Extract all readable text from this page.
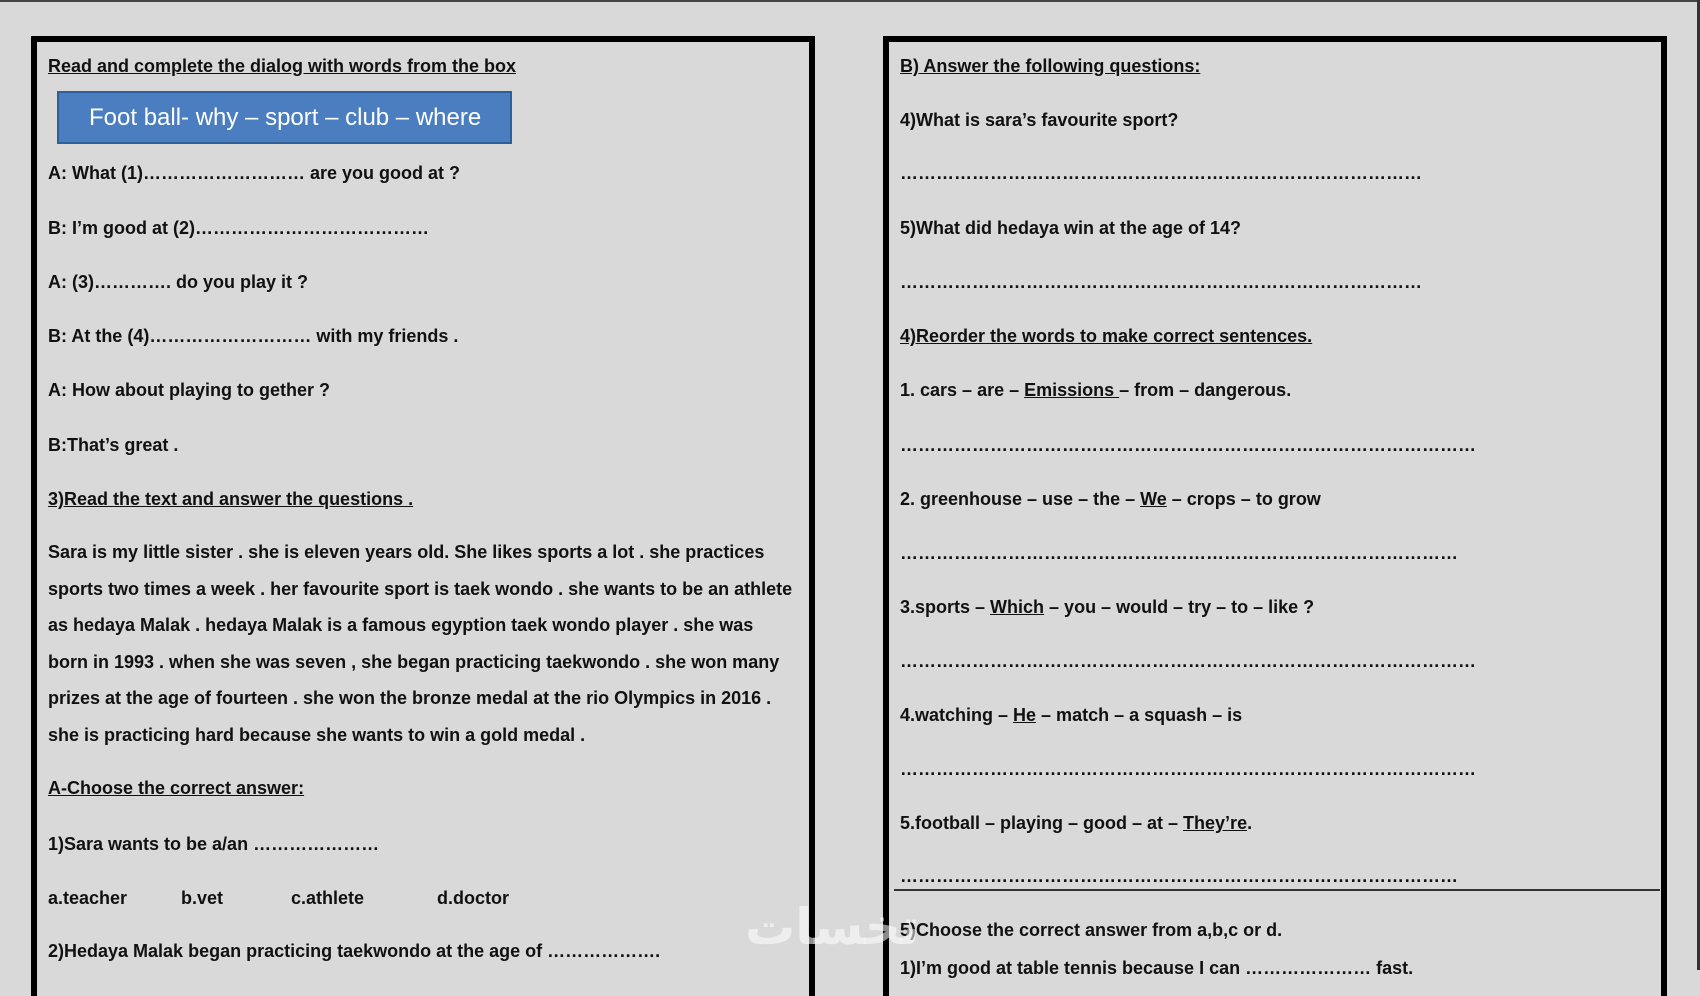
Read and complete the dialog with words from the box
Foot ball- why – sport – club – where
A: What (1)……………………… are you good at ?
B: I’m good at (2)…………………………………
A: (3)…………. do you play it ?
B: At the (4)……………………… with my friends .
A: How about playing to gether ?
B:That’s great .
3)Read the text and answer the questions .
Sara is my little sister . she is eleven years old. She likes sports a lot . she practices sports two times a week . her favourite sport is taek wondo . she wants to be an athlete as hedaya Malak . hedaya Malak is a famous egyption taek wondo player . she was born in 1993 . when she was seven , she began practicing taekwondo . she won many prizes at the age of fourteen . she won the bronze medal at the rio Olympics in 2016 . she is practicing hard because she wants to win a gold medal .
A-Choose the correct answer:
1)Sara wants to be a/an …………………
a.teacher	b.vet	c.athlete	d.doctor
2)Hedaya Malak began practicing taekwondo at the age of ……………….
B) Answer the following questions:
4)What is sara’s favourite sport?
……………………………………………………………………………
5)What did hedaya win at the age of 14?
……………………………………………………………………………
4)Reorder the words to make correct sentences.
1. cars – are – Emissions – from – dangerous.
……………………………………………………………………………………
2. greenhouse – use – the – We – crops – to grow
…………………………………………………………………………………
3.sports – Which – you – would – try – to – like ?
……………………………………………………………………………………
4.watching – He – match – a squash – is
……………………………………………………………………………………
5.football – playing – good – at – They’re.
…………………………………………………………………………………
5)Choose the correct answer from a,b,c or d.
1)I’m good at table tennis because I can ………………… fast.
تخسات
